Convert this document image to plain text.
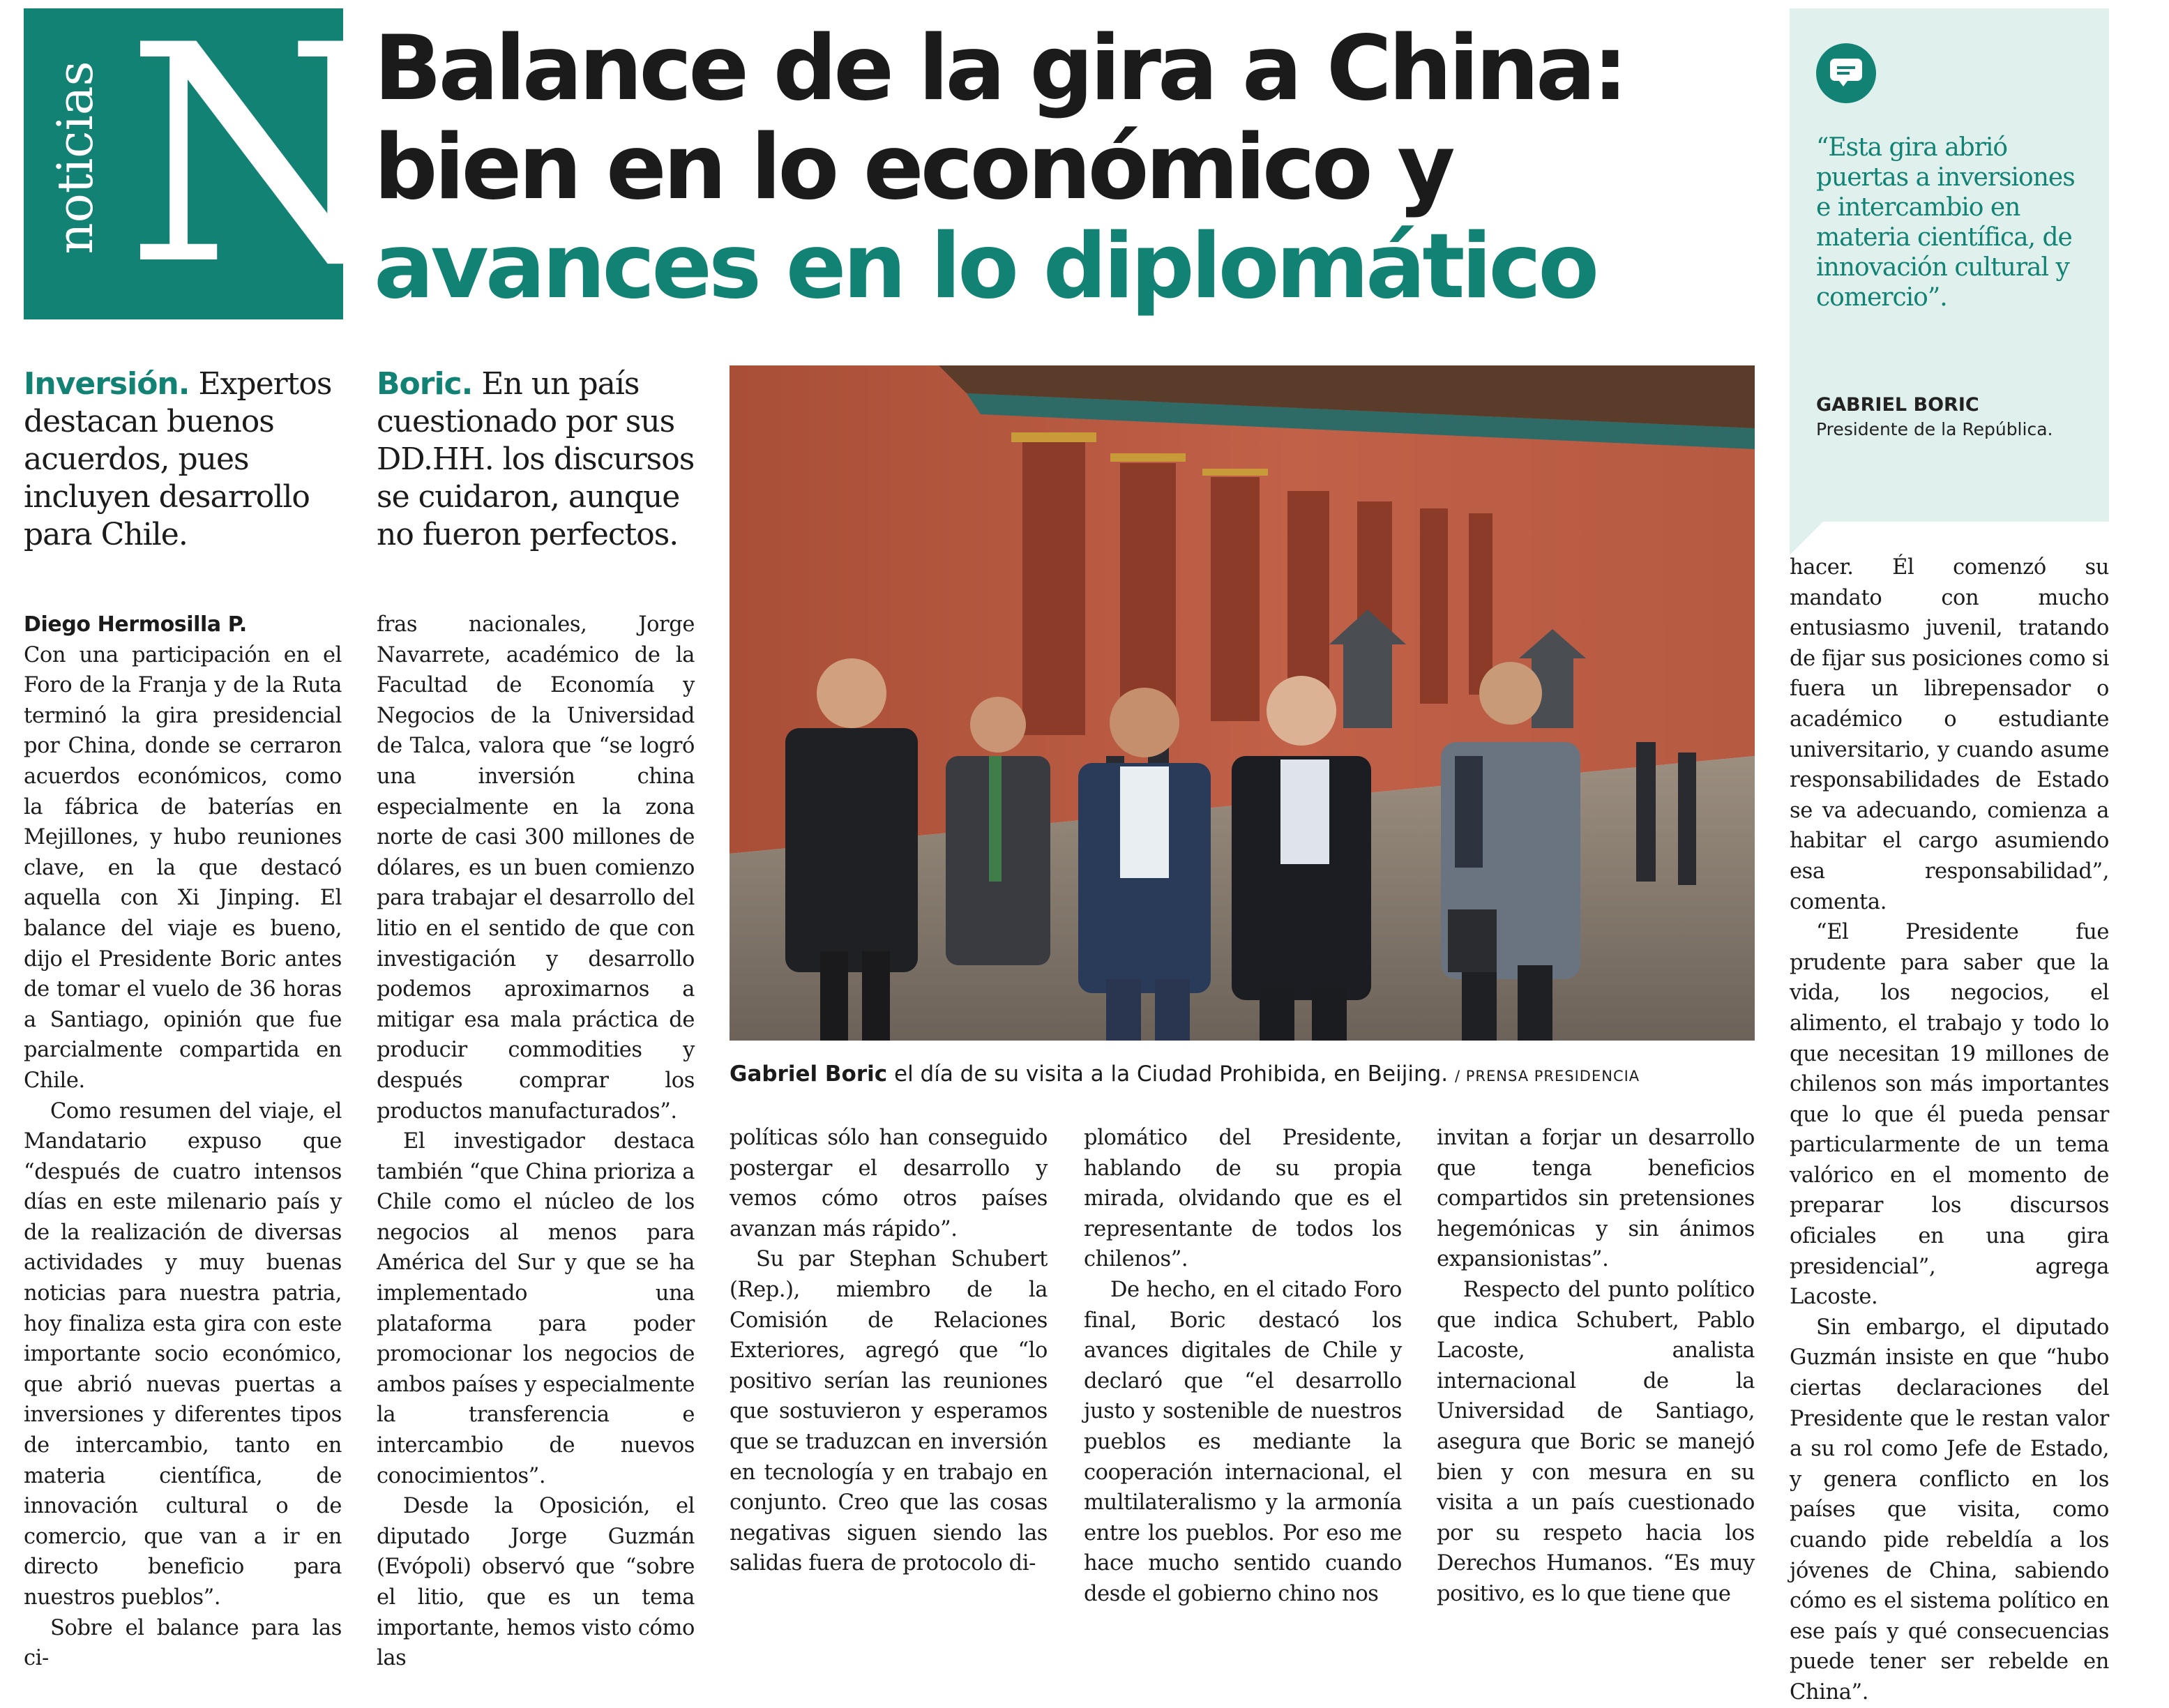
noticias N
Balance de la gira a China:
bien en lo económico y
avances en lo diplomático
“Esta gira abrió puertas a inversiones e intercambio en materia científica, de innovación cultural y comercio”.
GABRIEL BORIC
Presidente de la República.
Inversión. Expertos destacan buenos acuerdos, pues incluyen desarrollo para Chile.
Boric. En un país cuestionado por sus DD.HH. los discursos se cuidaron, aunque no fueron perfectos.
Gabriel Boric el día de su visita a la Ciudad Prohibida, en Beijing. / PRENSA PRESIDENCIA
Diego Hermosilla P.

Con una participación en el Foro de la Franja y de la Ruta terminó la gira presidencial por China, donde se cerraron acuerdos económicos, como la fábrica de baterías en Mejillones, y hubo reuniones clave, en la que destacó aquella con Xi Jinping. El balance del viaje es bueno, dijo el Presidente Boric antes de tomar el vuelo de 36 horas a Santiago, opinión que fue parcialmente compartida en Chile.

Como resumen del viaje, el Mandatario expuso que “después de cuatro intensos días en este milenario país y de la realización de diversas actividades y muy buenas noticias para nuestra patria, hoy finaliza esta gira con este importante socio económico, que abrió nuevas puertas a inversiones y diferentes tipos de intercambio, tanto en materia científica, de innovación cultural o de comercio, que van a ir en directo beneficio para nuestros pueblos”.

Sobre el balance para las ci-

fras nacionales, Jorge Navarrete, académico de la Facultad de Economía y Negocios de la Universidad de Talca, valora que “se logró una inversión china especialmente en la zona norte de casi 300 millones de dólares, es un buen comienzo para trabajar el desarrollo del litio en el sentido de que con investigación y desarrollo podemos aproximarnos a mitigar esa mala práctica de producir commodities y después comprar los productos manufacturados”.

El investigador destaca también “que China prioriza a Chile como el núcleo de los negocios al menos para América del Sur y que se ha implementado una plataforma para poder promocionar los negocios de ambos países y especialmente la transferencia e intercambio de nuevos conocimientos”.

Desde la Oposición, el diputado Jorge Guzmán (Evópoli) observó que “sobre el litio, que es un tema importante, hemos visto cómo las

políticas sólo han conseguido postergar el desarrollo y vemos cómo otros países avanzan más rápido”.

Su par Stephan Schubert (Rep.), miembro de la Comisión de Relaciones Exteriores, agregó que “lo positivo serían las reuniones que sostuvieron y esperamos que se traduzcan en inversión en tecnología y en trabajo en conjunto. Creo que las cosas negativas siguen siendo las salidas fuera de protocolo di-

plomático del Presidente, hablando de su propia mirada, olvidando que es el representante de todos los chilenos”.

De hecho, en el citado Foro final, Boric destacó los avances digitales de Chile y declaró que “el desarrollo justo y sostenible de nuestros pueblos es mediante la cooperación internacional, el multilateralismo y la armonía entre los pueblos. Por eso me hace mucho sentido cuando desde el gobierno chino nos

invitan a forjar un desarrollo que tenga beneficios compartidos sin pretensiones hegemónicas y sin ánimos expansionistas”.

Respecto del punto político que indica Schubert, Pablo Lacoste, analista internacional de la Universidad de Santiago, asegura que Boric se manejó bien y con mesura en su visita a un país cuestionado por su respeto hacia los Derechos Humanos. “Es muy positivo, es lo que tiene que

hacer. Él comenzó su mandato con mucho entusiasmo juvenil, tratando de fijar sus posiciones como si fuera un librepensador o académico o estudiante universitario, y cuando asume responsabilidades de Estado se va adecuando, comienza a habitar el cargo asumiendo esa responsabilidad”, comenta.

“El Presidente fue prudente para saber que la vida, los negocios, el alimento, el trabajo y todo lo que necesitan 19 millones de chilenos son más importantes que lo que él pueda pensar particularmente de un tema valórico en el momento de preparar los discursos oficiales en una gira presidencial”, agrega Lacoste.

Sin embargo, el diputado Guzmán insiste en que “hubo ciertas declaraciones del Presidente que le restan valor a su rol como Jefe de Estado, y genera conflicto en los países que visita, como cuando pide rebeldía a los jóvenes de China, sabiendo cómo es el sistema político en ese país y qué consecuencias puede tener ser rebelde en China”.
